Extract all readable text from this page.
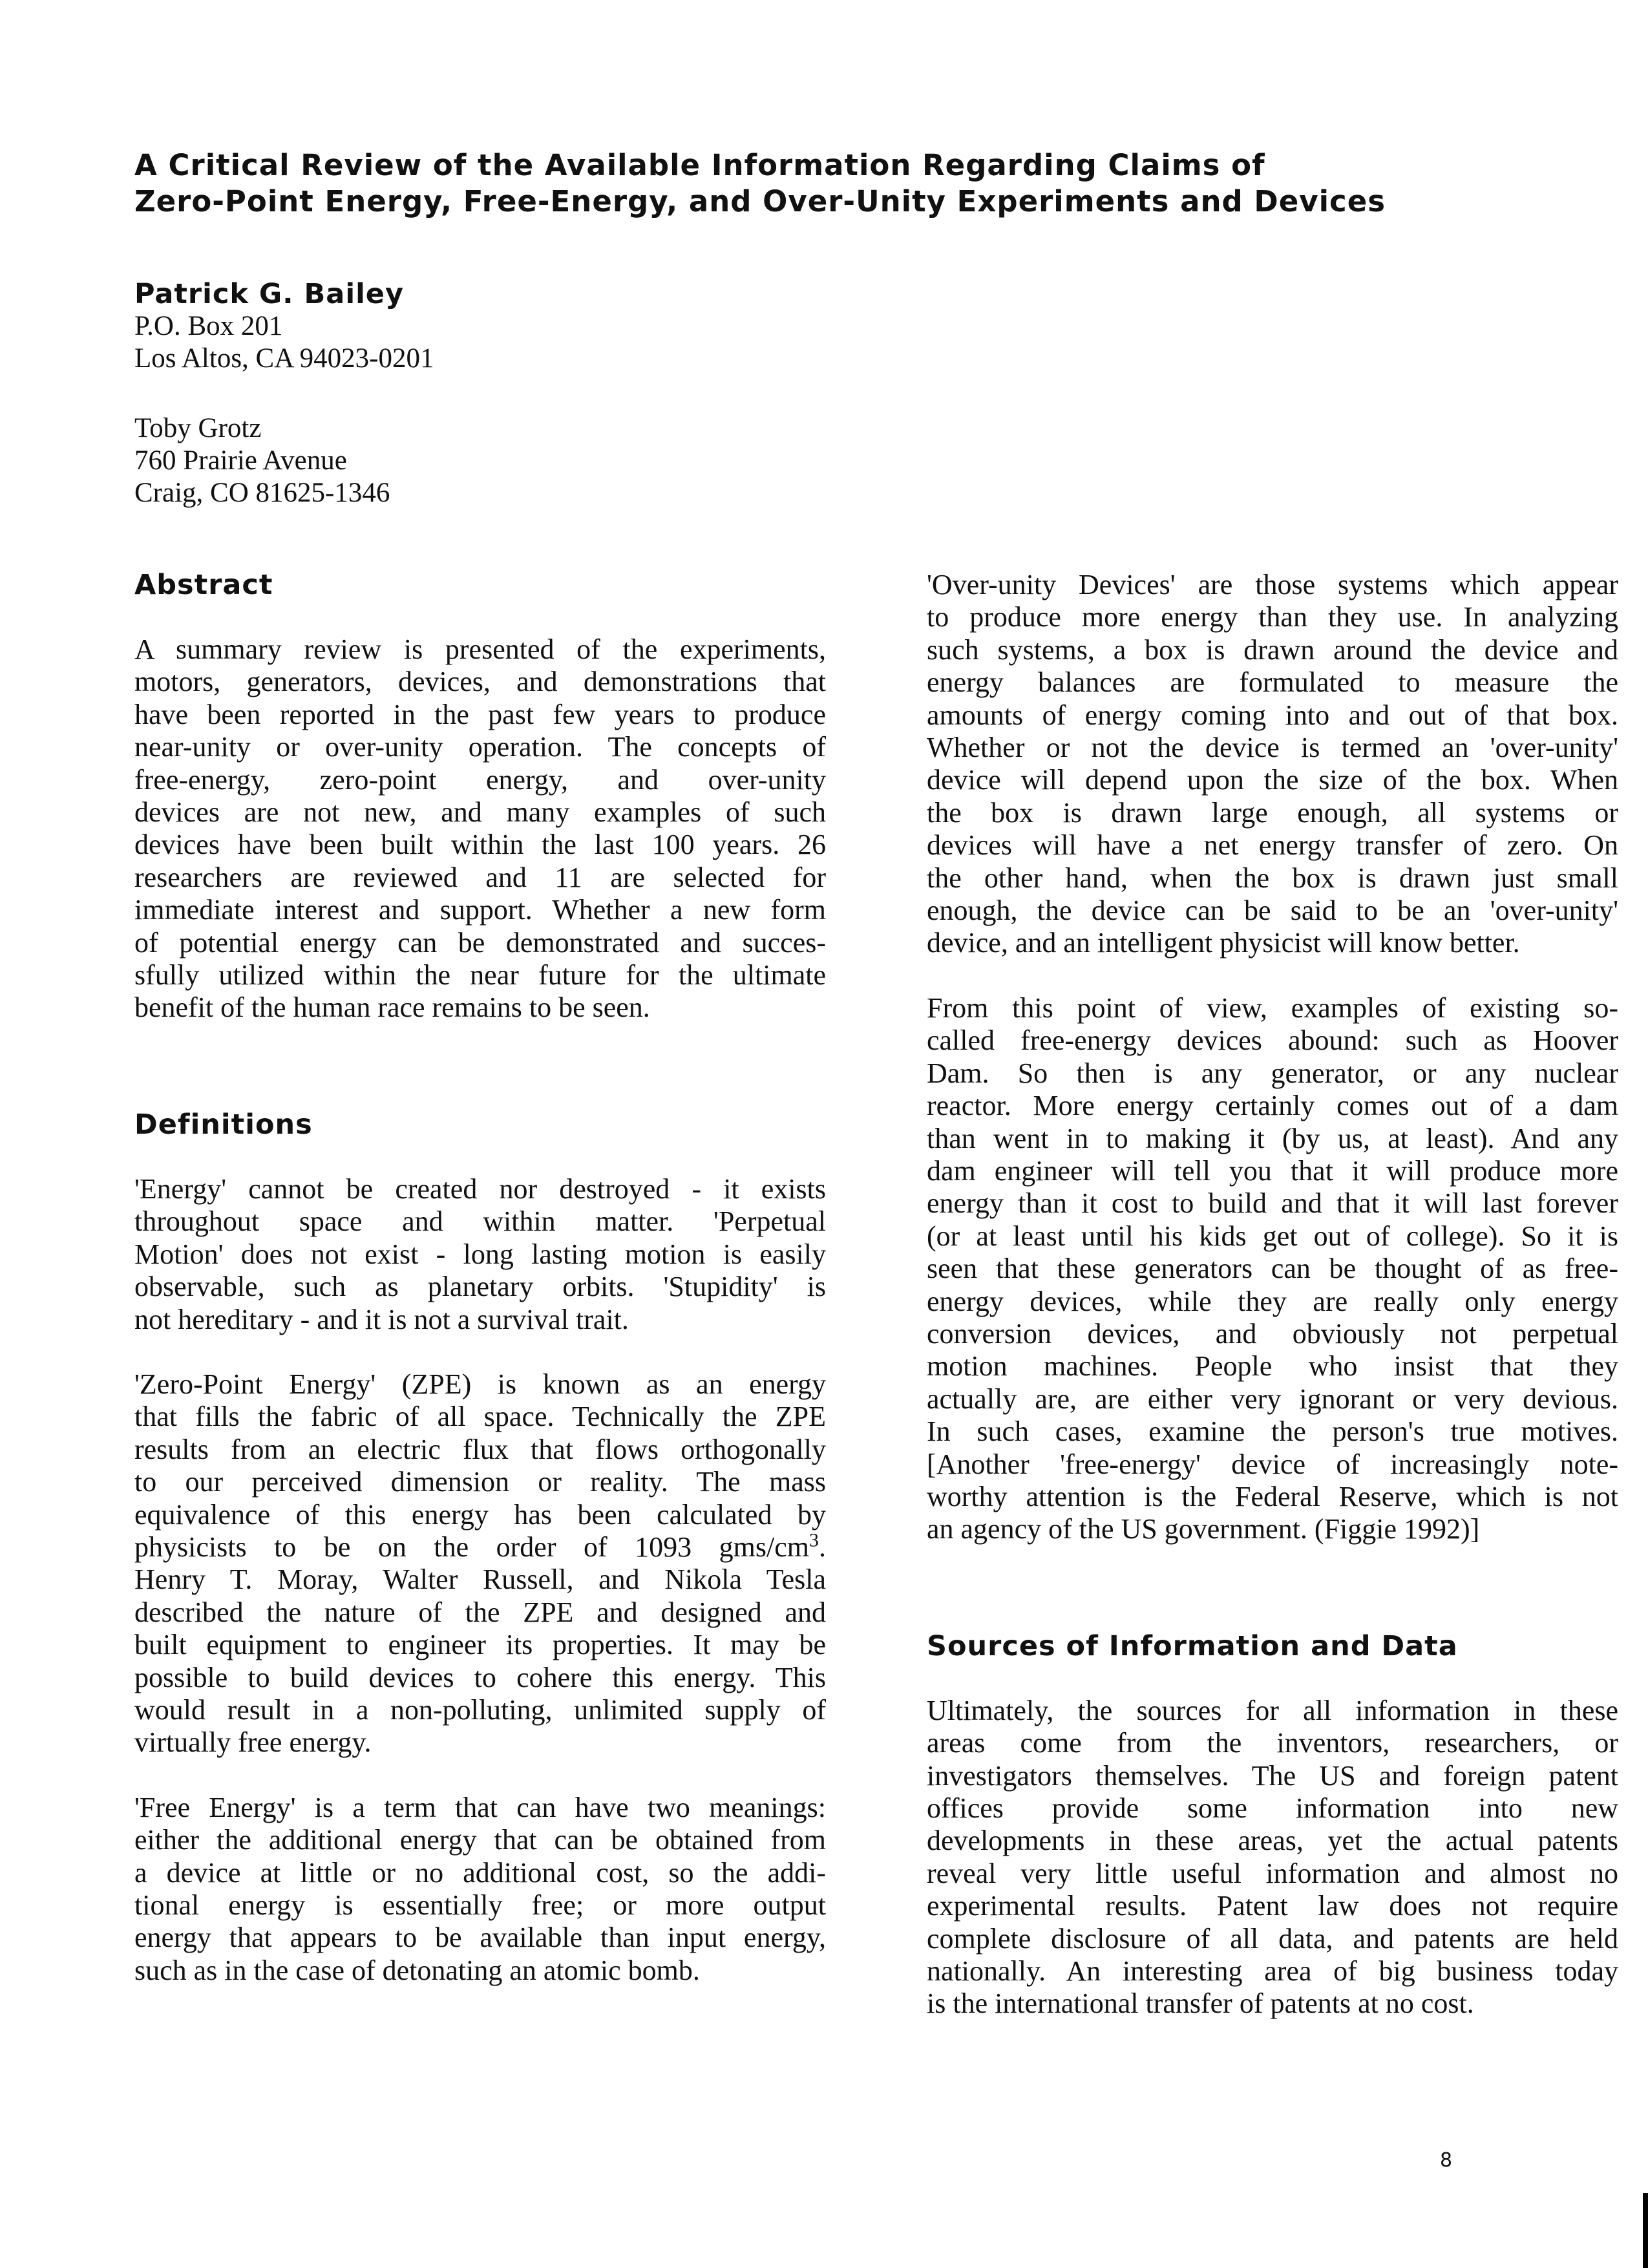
A Critical Review of the Available Information Regarding Claims of
Zero-Point Energy, Free-Energy, and Over-Unity Experiments and Devices
Patrick G. Bailey
P.O. Box 201
Los Altos, CA 94023-0201
Toby Grotz
760 Prairie Avenue
Craig, CO 81625-1346
Abstract

A summary review is presented of the experiments,
motors, generators, devices, and demonstrations that
have been reported in the past few years to produce
near-unity or over-unity operation. The concepts of
free-energy, zero-point energy, and over-unity
devices are not new, and many examples of such
devices have been built within the last 100 years. 26
researchers are reviewed and 11 are selected for
immediate interest and support. Whether a new form
of potential energy can be demonstrated and succes-
sfully utilized within the near future for the ultimate
benefit of the human race remains to be seen.

Definitions

'Energy' cannot be created nor destroyed - it exists
throughout space and within matter. 'Perpetual
Motion' does not exist - long lasting motion is easily
observable, such as planetary orbits. 'Stupidity' is
not hereditary - and it is not a survival trait.

'Zero-Point Energy' (ZPE) is known as an energy
that fills the fabric of all space. Technically the ZPE
results from an electric flux that flows orthogonally
to our perceived dimension or reality. The mass
equivalence of this energy has been calculated by
physicists to be on the order of 1093 gms/$cm^3$.
Henry T. Moray, Walter Russell, and Nikola Tesla
described the nature of the ZPE and designed and
built equipment to engineer its properties. It may be
possible to build devices to cohere this energy. This
would result in a non-polluting, unlimited supply of
virtually free energy.

'Free Energy' is a term that can have two meanings:
either the additional energy that can be obtained from
a device at little or no additional cost, so the addi-
tional energy is essentially free; or more output
energy that appears to be available than input energy,
such as in the case of detonating an atomic bomb.

'Over-unity Devices' are those systems which appear
to produce more energy than they use. In analyzing
such systems, a box is drawn around the device and
energy balances are formulated to measure the
amounts of energy coming into and out of that box.
Whether or not the device is termed an 'over-unity'
device will depend upon the size of the box. When
the box is drawn large enough, all systems or
devices will have a net energy transfer of zero. On
the other hand, when the box is drawn just small
enough, the device can be said to be an 'over-unity'
device, and an intelligent physicist will know better.

From this point of view, examples of existing so-
called free-energy devices abound: such as Hoover
Dam. So then is any generator, or any nuclear
reactor. More energy certainly comes out of a dam
than went in to making it (by us, at least). And any
dam engineer will tell you that it will produce more
energy than it cost to build and that it will last forever
(or at least until his kids get out of college). So it is
seen that these generators can be thought of as free-
energy devices, while they are really only energy
conversion devices, and obviously not perpetual
motion machines. People who insist that they
actually are, are either very ignorant or very devious.
In such cases, examine the person's true motives.
[Another 'free-energy' device of increasingly note-
worthy attention is the Federal Reserve, which is not
an agency of the US government. (Figgie 1992)]

Sources of Information and Data

Ultimately, the sources for all information in these
areas come from the inventors, researchers, or
investigators themselves. The US and foreign patent
offices provide some information into new
developments in these areas, yet the actual patents
reveal very little useful information and almost no
experimental results. Patent law does not require
complete disclosure of all data, and patents are held
nationally. An interesting area of big business today
is the international transfer of patents at no cost.

8
